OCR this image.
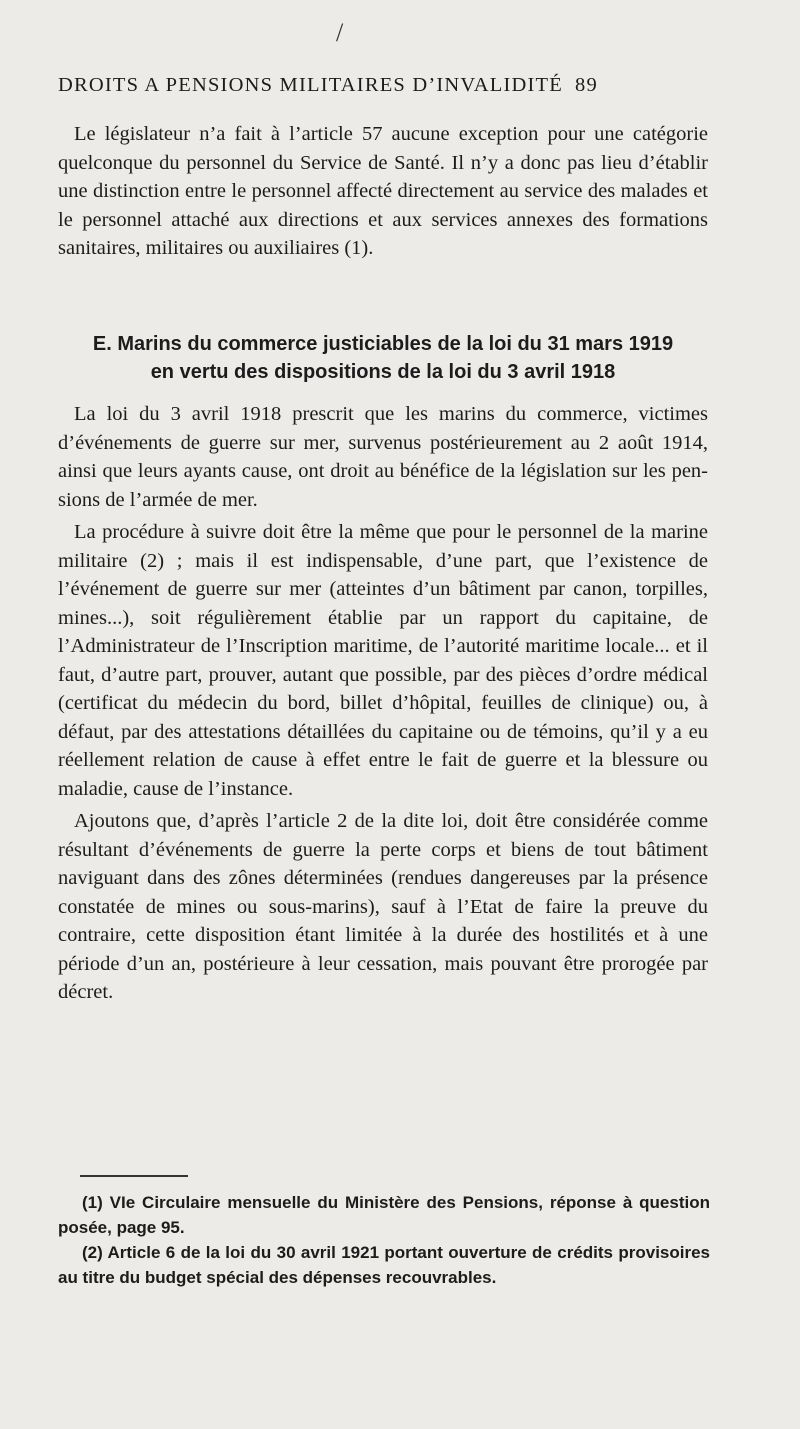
/
DROITS A PENSIONS MILITAIRES D’INVALIDITÉ 89

Le législateur n’a fait à l’article 57 aucune exception pour une catégorie quelconque du personnel du Service de Santé. Il n’y a donc pas lieu d’établir une distinction entre le personnel affecté directement au service des malades et le personnel attaché aux directions et aux services annexes des formations sanitaires, militaires ou auxiliaires (1).

E. Marins du commerce justiciables de la loi du 31 mars 1919
en vertu des dispositions de la loi du 3 avril 1918

La loi du 3 avril 1918 prescrit que les marins du commerce, victimes d’événements de guerre sur mer, survenus postérieurement au 2 août 1914, ainsi que leurs ayants cause, ont droit au bénéfice de la législation sur les pensions de l’armée de mer.

La procédure à suivre doit être la même que pour le personnel de la marine militaire (2) ; mais il est indispensable, d’une part, que l’existence de l’événement de guerre sur mer (atteintes d’un bâtiment par canon, torpilles, mines...), soit régulièrement établie par un rapport du capitaine, de l’Administrateur de l’Inscription maritime, de l’autorité maritime locale... et il faut, d’autre part, prouver, autant que possible, par des pièces d’ordre médical (certificat du médecin du bord, billet d’hôpital, feuilles de clinique) ou, à défaut, par des attestations détaillées du capitaine ou de témoins, qu’il y a eu réellement relation de cause à effet entre le fait de guerre et la blessure ou maladie, cause de l’instance.

Ajoutons que, d’après l’article 2 de la dite loi, doit être considérée comme résultant d’événements de guerre la perte corps et biens de tout bâtiment naviguant dans des zônes déterminées (rendues dangereuses par la présence constatée de mines ou sous-marins), sauf à l’Etat de faire la preuve du contraire, cette disposition étant limitée à la durée des hostilités et à une période d’un an, postérieure à leur cessation, mais pouvant être prorogée par décret.

(1) VIe Circulaire mensuelle du Ministère des Pensions, réponse à question posée, page 95.

(2) Article 6 de la loi du 30 avril 1921 portant ouverture de crédits provisoires au titre du budget spécial des dépenses recouvrables.
